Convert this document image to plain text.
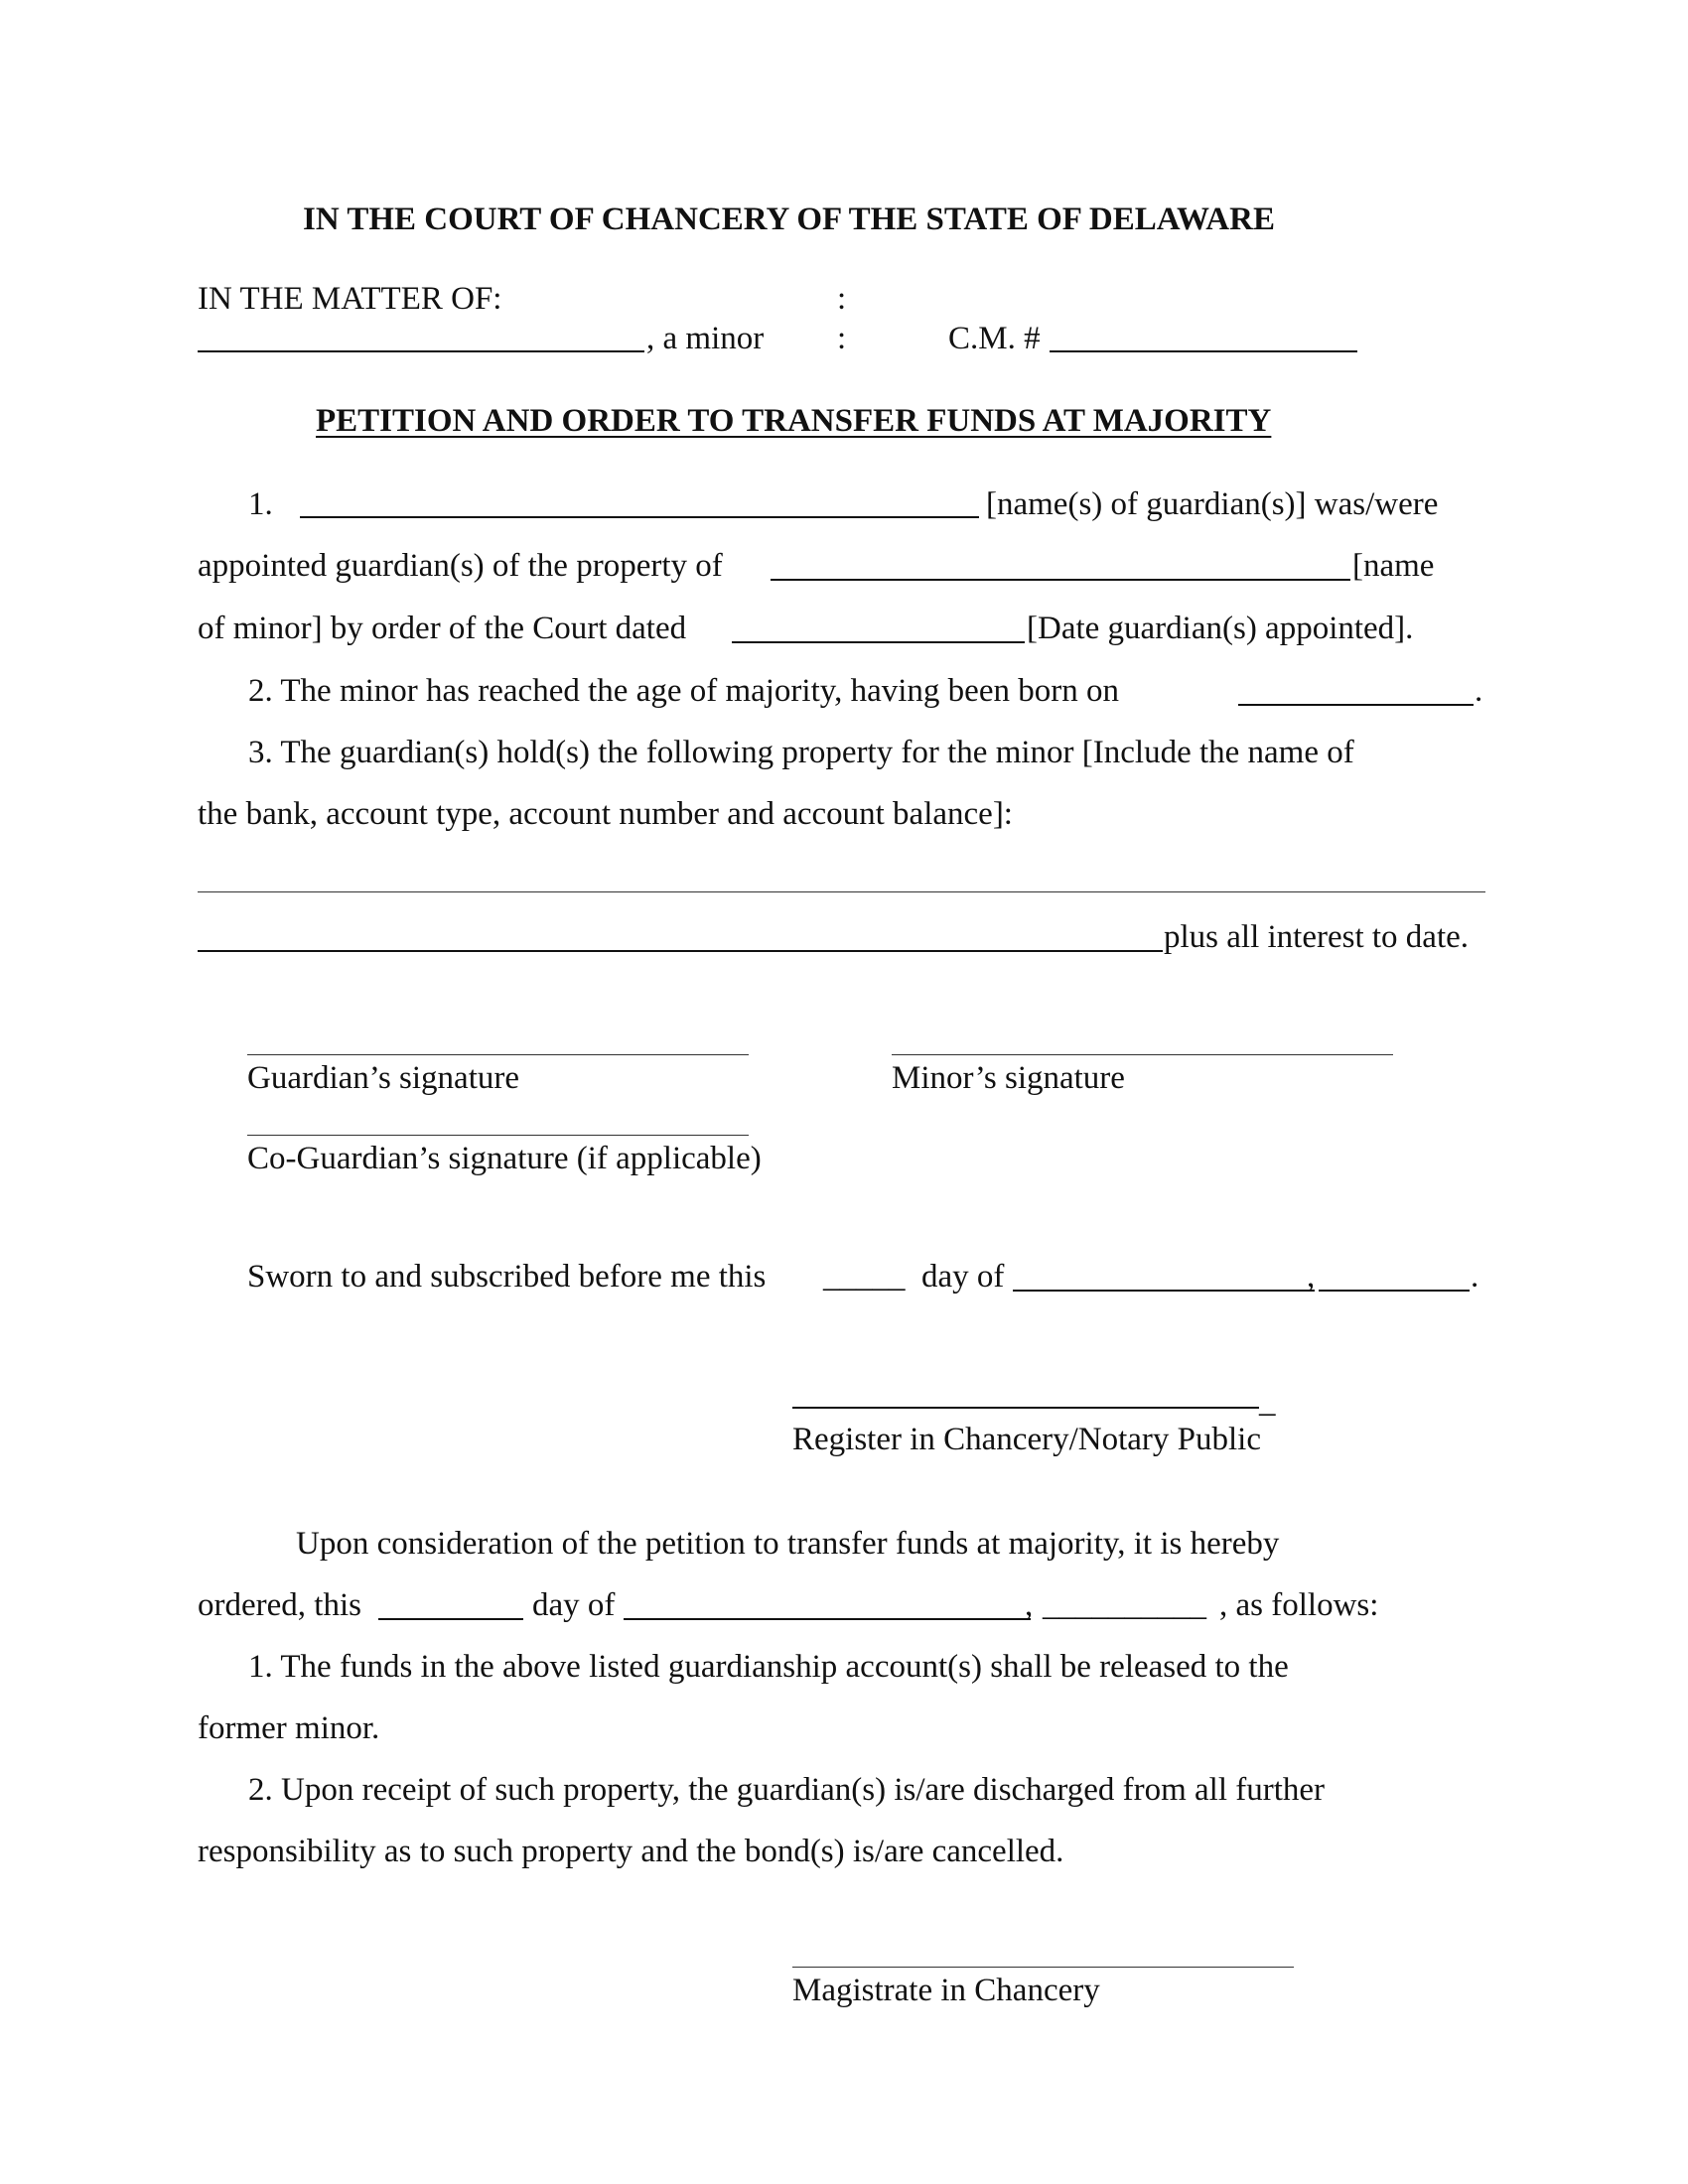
IN THE COURT OF CHANCERY OF THE STATE OF DELAWARE
IN THE MATTER OF:	:
, a minor :	C.M. #
PETITION AND ORDER TO TRANSFER FUNDS AT MAJORITY
1.	[name(s) of guardian(s)] was/were
appointed guardian(s) of the property of	[name
of minor] by order of the Court dated	[Date guardian(s) appointed].
2. The minor has reached the age of majority, having been born on	.
3. The guardian(s) hold(s) the following property for the minor [Include the name of
the bank, account type, account number and account balance]:
plus all interest to date.
Guardian’s signature	Minor’s signature
Co-Guardian’s signature (if applicable)
Sworn to and subscribed before me this _____ day of	,	.
_
Register in Chancery/Notary Public
Upon consideration of the petition to transfer funds at majority, it is hereby
ordered, this	day of	, __________ , as follows:
1. The funds in the above listed guardianship account(s) shall be released to the
former minor.
2. Upon receipt of such property, the guardian(s) is/are discharged from all further
responsibility as to such property and the bond(s) is/are cancelled.
Magistrate in Chancery
